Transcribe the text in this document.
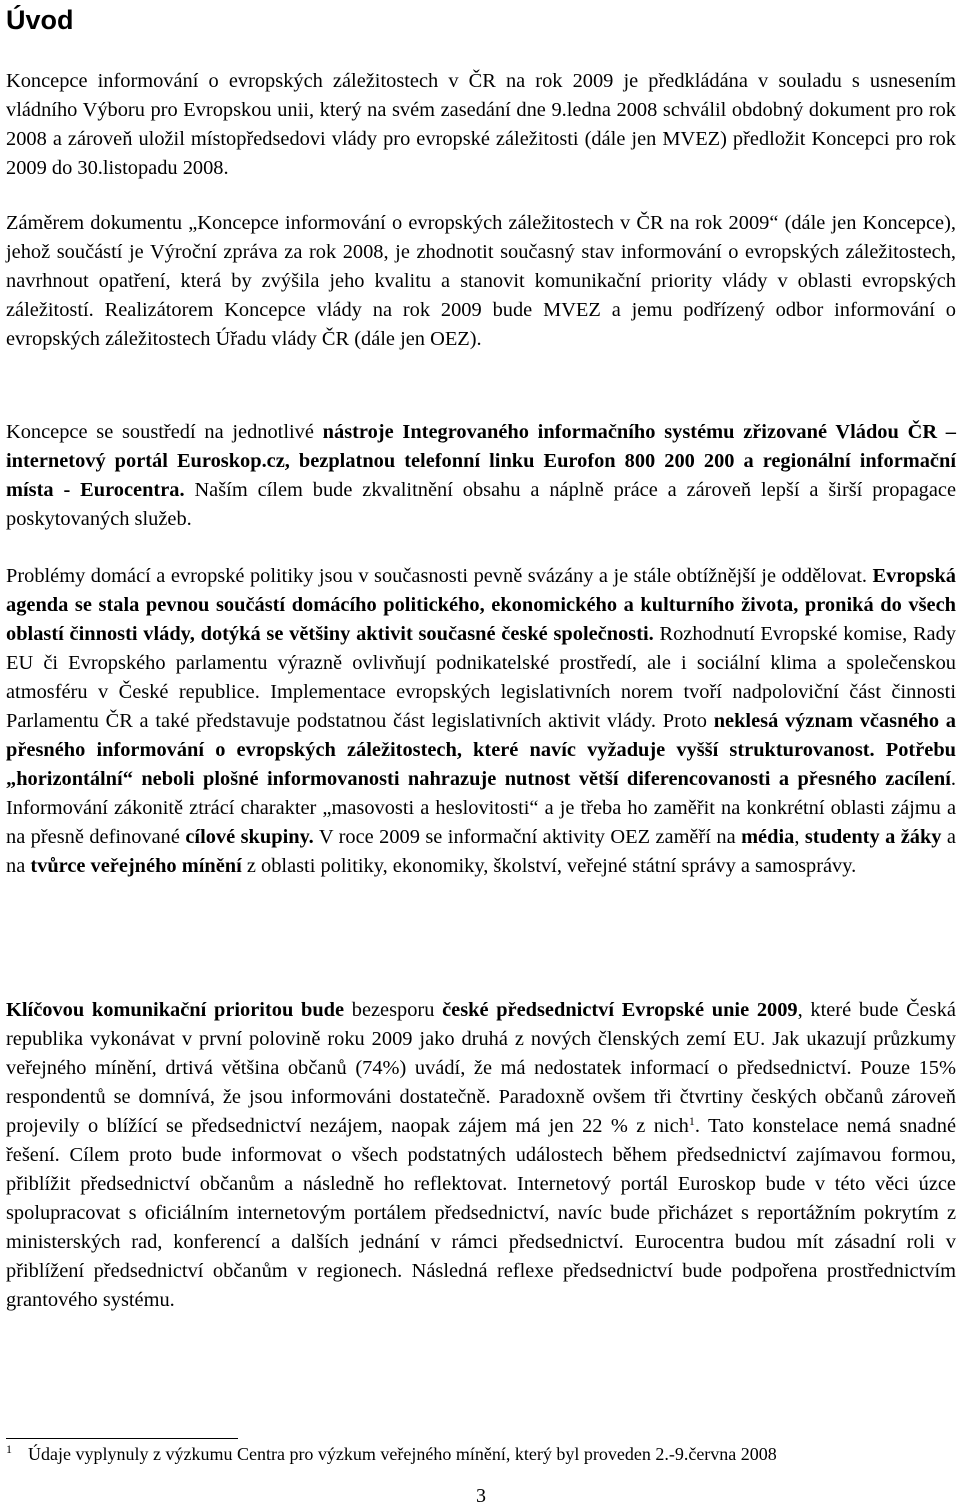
Úvod

Koncepce informování o evropských záležitostech v ČR na rok 2009 je předkládána v souladu s usnesením vládního Výboru pro Evropskou unii, který na svém zasedání dne 9.ledna 2008 schválil obdobný dokument pro rok 2008 a zároveň uložil místopředsedovi vlády pro evropské záležitosti (dále jen MVEZ) předložit Koncepci pro rok 2009 do 30.listopadu 2008.

Záměrem dokumentu „Koncepce informování o evropských záležitostech v ČR na rok 2009“ (dále jen Koncepce), jehož součástí je Výroční zpráva za rok 2008, je zhodnotit současný stav informování o evropských záležitostech, navrhnout opatření, která by zvýšila jeho kvalitu a stanovit komunikační priority vlády v oblasti evropských záležitostí. Realizátorem Koncepce vlády na rok 2009 bude MVEZ a jemu podřízený odbor informování o evropských záležitostech Úřadu vlády ČR (dále jen OEZ).

Koncepce se soustředí na jednotlivé nástroje Integrovaného informačního systému zřizované Vládou ČR – internetový portál Euroskop.cz, bezplatnou telefonní linku Eurofon 800 200 200 a regionální informační místa - Eurocentra. Naším cílem bude zkvalitnění obsahu a náplně práce a zároveň lepší a širší propagace poskytovaných služeb.

Problémy domácí a evropské politiky jsou v současnosti pevně svázány a je stále obtížnější je oddělovat. Evropská agenda se stala pevnou součástí domácího politického, ekonomického a kulturního života, proniká do všech oblastí činnosti vlády, dotýká se většiny aktivit současné české společnosti. Rozhodnutí Evropské komise, Rady EU či Evropského parlamentu výrazně ovlivňují podnikatelské prostředí, ale i sociální klima a společenskou atmosféru v České republice. Implementace evropských legislativních norem tvoří nadpoloviční část činnosti Parlamentu ČR a také představuje podstatnou část legislativních aktivit vlády. Proto neklesá význam včasného a přesného informování o evropských záležitostech, které navíc vyžaduje vyšší strukturovanost. Potřebu „horizontální“ neboli plošné informovanosti nahrazuje nutnost větší diferencovanosti a přesného zacílení. Informování zákonitě ztrácí charakter „masovosti a heslovitosti“ a je třeba ho zaměřit na konkrétní oblasti zájmu a na přesně definované cílové skupiny. V roce 2009 se informační aktivity OEZ zaměří na média, studenty a žáky a na tvůrce veřejného mínění z oblasti politiky, ekonomiky, školství, veřejné státní správy a samosprávy.

Klíčovou komunikační prioritou bude bezesporu české předsednictví Evropské unie 2009, které bude Česká republika vykonávat v první polovině roku 2009 jako druhá z nových členských zemí EU. Jak ukazují průzkumy veřejného mínění, drtivá většina občanů (74%) uvádí, že má nedostatek informací o předsednictví. Pouze 15% respondentů se domnívá, že jsou informováni dostatečně. Paradoxně ovšem tři čtvrtiny českých občanů zároveň projevily o blížící se předsednictví nezájem, naopak zájem má jen 22 % z nich$^1$. Tato konstelace nemá snadné řešení. Cílem proto bude informovat o všech podstatných událostech během předsednictví zajímavou formou, přiblížit předsednictví občanům a následně ho reflektovat. Internetový portál Euroskop bude v této věci úzce spolupracovat s oficiálním internetovým portálem předsednictví, navíc bude přicházet s reportážním pokrytím z ministerských rad, konferencí a dalších jednání v rámci předsednictví. Eurocentra budou mít zásadní roli v přiblížení předsednictví občanům v regionech. Následná reflexe předsednictví bude podpořena prostřednictvím grantového systému.

$^1$ Údaje vyplynuly z výzkumu Centra pro výzkum veřejného mínění, který byl proveden 2.-9.června 2008
3
